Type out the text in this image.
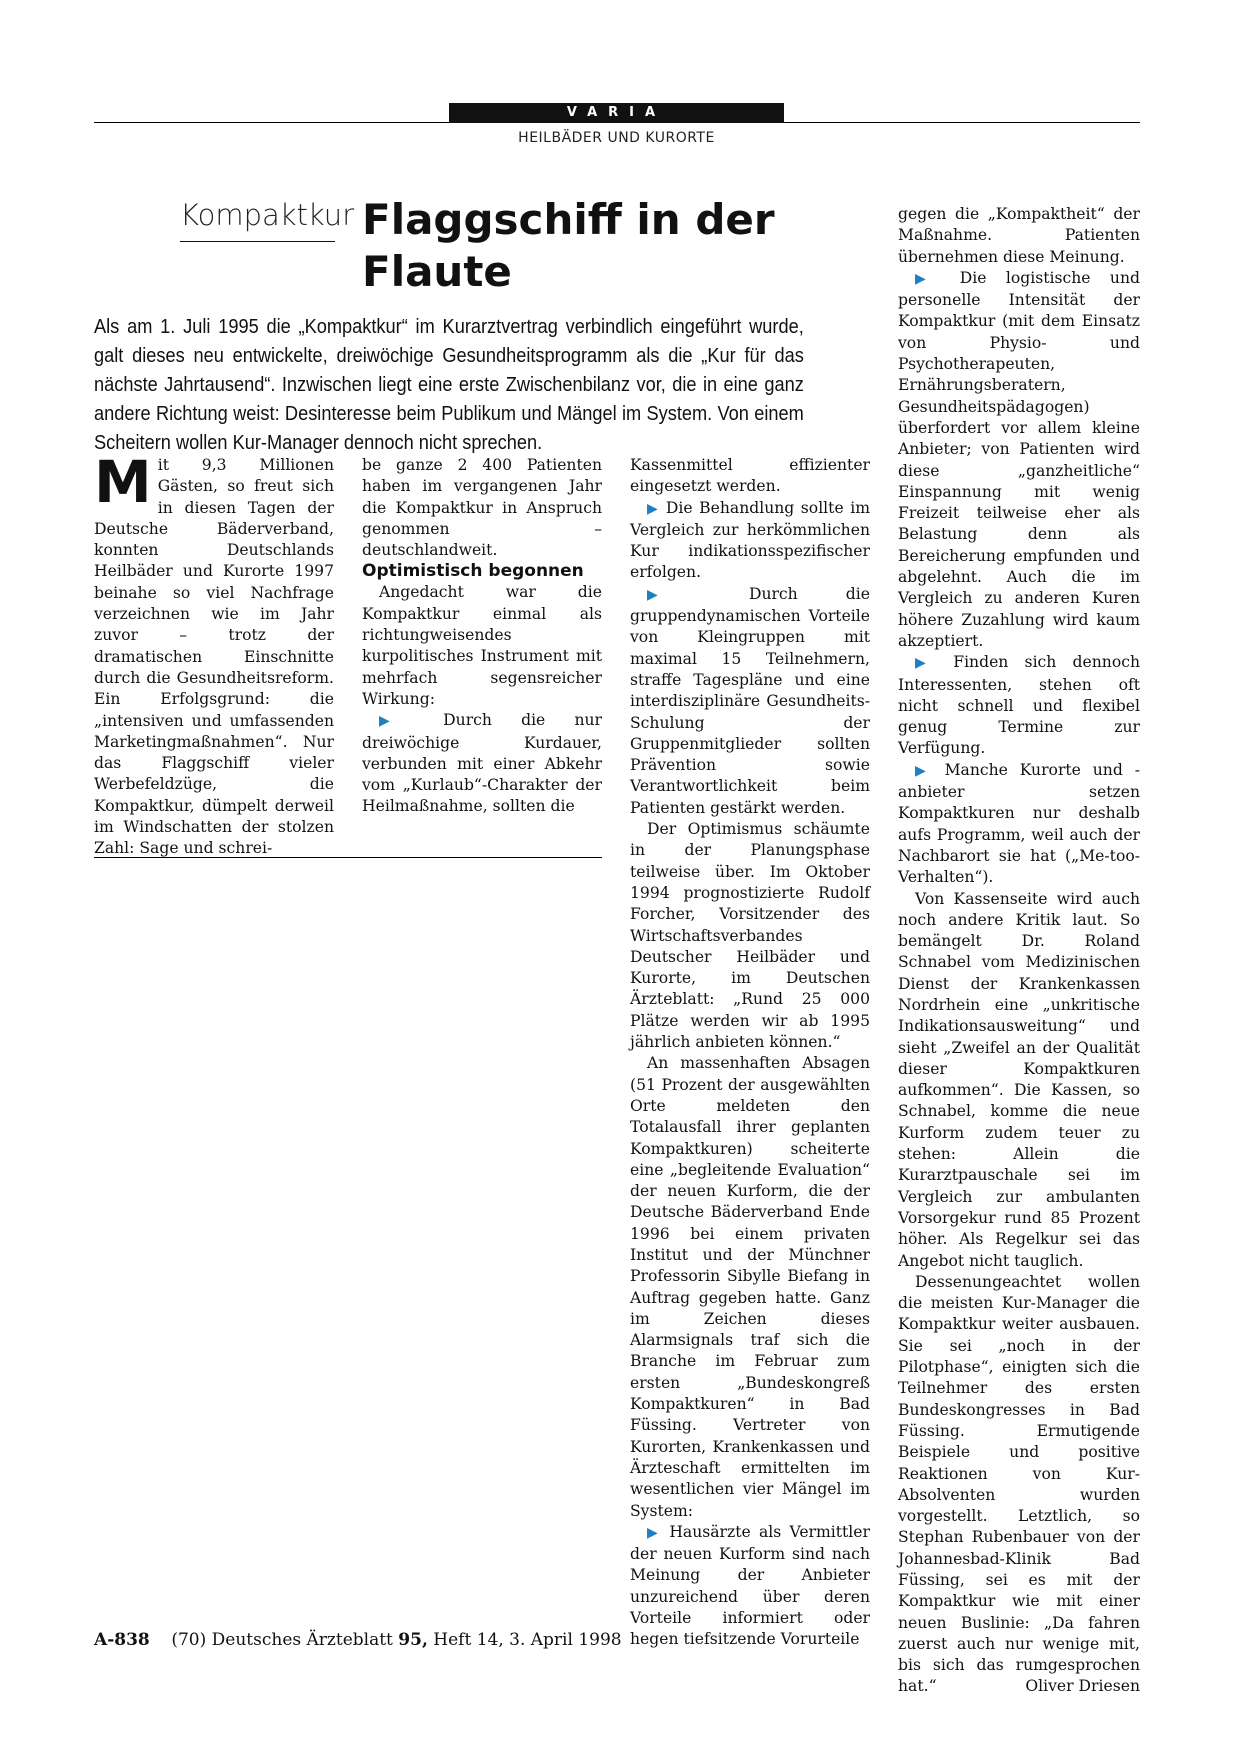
VARIA
HEILBÄDER UND KURORTE
Kompaktkur Flaggschiff in der Flaute
Als am 1. Juli 1995 die „Kompaktkur“ im Kurarztvertrag verbindlich eingeführt wurde, galt dieses neu entwickelte, dreiwöchige Gesundheitsprogramm als die „Kur für das nächste Jahrtausend“. Inzwischen liegt eine erste Zwischenbilanz vor, die in eine ganz andere Richtung weist: Desinteresse beim Publikum und Mängel im System. Von einem Scheitern wollen Kur-Manager dennoch nicht sprechen.

Mit 9,3 Millionen Gästen, so freut sich in diesen Tagen der Deutsche Bäderverband, konnten Deutschlands Heilbäder und Kurorte 1997 beinahe so viel Nachfrage verzeichnen wie im Jahr zuvor – trotz der dramatischen Einschnitte durch die Gesundheitsreform. Ein Erfolgsgrund: die „intensiven und umfassenden Marketingmaßnahmen“. Nur das Flaggschiff vieler Werbefeldzüge, die Kompaktkur, dümpelt derweil im Windschatten der stolzen Zahl: Sage und schrei-

be ganze 2 400 Patienten haben im vergangenen Jahr die Kompaktkur in Anspruch genommen – deutschlandweit.

Optimistisch begonnen

Angedacht war die Kompaktkur einmal als richtungweisendes kurpolitisches Instrument mit mehrfach segensreicher Wirkung:

▶ Durch die nur dreiwöchige Kurdauer, verbunden mit einer Abkehr vom „Kurlaub“-Charakter der Heilmaßnahme, sollten die

Kassenmittel effizienter eingesetzt werden.

▶ Die Behandlung sollte im Vergleich zur herkömmlichen Kur indikationsspezifischer erfolgen.

▶	Durch die gruppendynamischen Vorteile von Kleingruppen mit maximal 15 Teilnehmern, straffe Tagespläne und eine interdisziplinäre Gesundheits-Schulung der Gruppenmitglieder sollten Prävention sowie Verantwortlichkeit beim Patienten gestärkt werden.

Der Optimismus schäumte in der Planungsphase teilweise über. Im Oktober 1994 prognostizierte Rudolf Forcher, Vorsitzender des Wirtschaftsverbandes Deutscher Heilbäder und Kurorte, im Deutschen Ärzteblatt: „Rund 25 000 Plätze werden wir ab 1995 jährlich anbieten können.“

An massenhaften Absagen (51 Prozent der ausgewählten Orte meldeten den Totalausfall ihrer geplanten Kompaktkuren) scheiterte eine „begleitende Evaluation“ der neuen Kurform, die der Deutsche Bäderverband Ende 1996 bei einem privaten Institut und der Münchner Professorin Sibylle Biefang in Auftrag gegeben hatte. Ganz im Zeichen dieses Alarmsignals traf sich die Branche im Februar zum ersten „Bundeskongreß Kompaktkuren“ in Bad Füssing. Vertreter von Kurorten, Krankenkassen und Ärzteschaft ermittelten im wesentlichen vier Mängel im System:

▶ Hausärzte als Vermittler der neuen Kurform sind nach Meinung der Anbieter unzureichend über deren Vorteile informiert oder hegen tiefsitzende Vorurteile

gegen die „Kompaktheit“ der Maßnahme. Patienten übernehmen diese Meinung.

▶ Die logistische und personelle Intensität der Kompaktkur (mit dem Einsatz von Physio- und Psychotherapeuten, Ernährungsberatern, Gesundheitspädagogen) überfordert vor allem kleine Anbieter; von Patienten wird diese „ganzheitliche“ Einspannung mit wenig Freizeit teilweise eher als Belastung denn als Bereicherung empfunden und abgelehnt. Auch die im Vergleich zu anderen Kuren höhere Zuzahlung wird kaum akzeptiert.

▶ Finden sich dennoch Interessenten, stehen oft nicht schnell und flexibel genug Termine zur Verfügung.

▶ Manche Kurorte und -anbieter setzen Kompaktkuren nur deshalb aufs Programm, weil auch der Nachbarort sie hat („Me-too-Verhalten“).

Von Kassenseite wird auch noch andere Kritik laut. So bemängelt Dr. Roland Schnabel vom Medizinischen Dienst der Krankenkassen Nordrhein eine „unkritische Indikationsausweitung“ und sieht „Zweifel an der Qualität dieser Kompaktkuren aufkommen“. Die Kassen, so Schnabel, komme die neue Kurform zudem teuer zu stehen: Allein die Kurarztpauschale sei im Vergleich zur ambulanten Vorsorgekur rund 85 Prozent höher. Als Regelkur sei das Angebot nicht tauglich.

Dessenungeachtet wollen die meisten Kur-Manager die Kompaktkur weiter ausbauen. Sie sei „noch in der Pilotphase“, einigten sich die Teilnehmer des ersten Bundeskongresses in Bad Füssing. Ermutigende Beispiele und positive Reaktionen von Kur-Absolventen wurden vorgestellt. Letztlich, so Stephan Rubenbauer von der Johannesbad-Klinik Bad Füssing, sei es mit der Kompaktkur wie mit einer neuen Buslinie: „Da fahren zuerst auch nur wenige mit, bis sich das rumgesprochen hat.“	Oliver Driesen

A-838 (70) Deutsches Ärzteblatt 95, Heft 14, 3. April 1998
